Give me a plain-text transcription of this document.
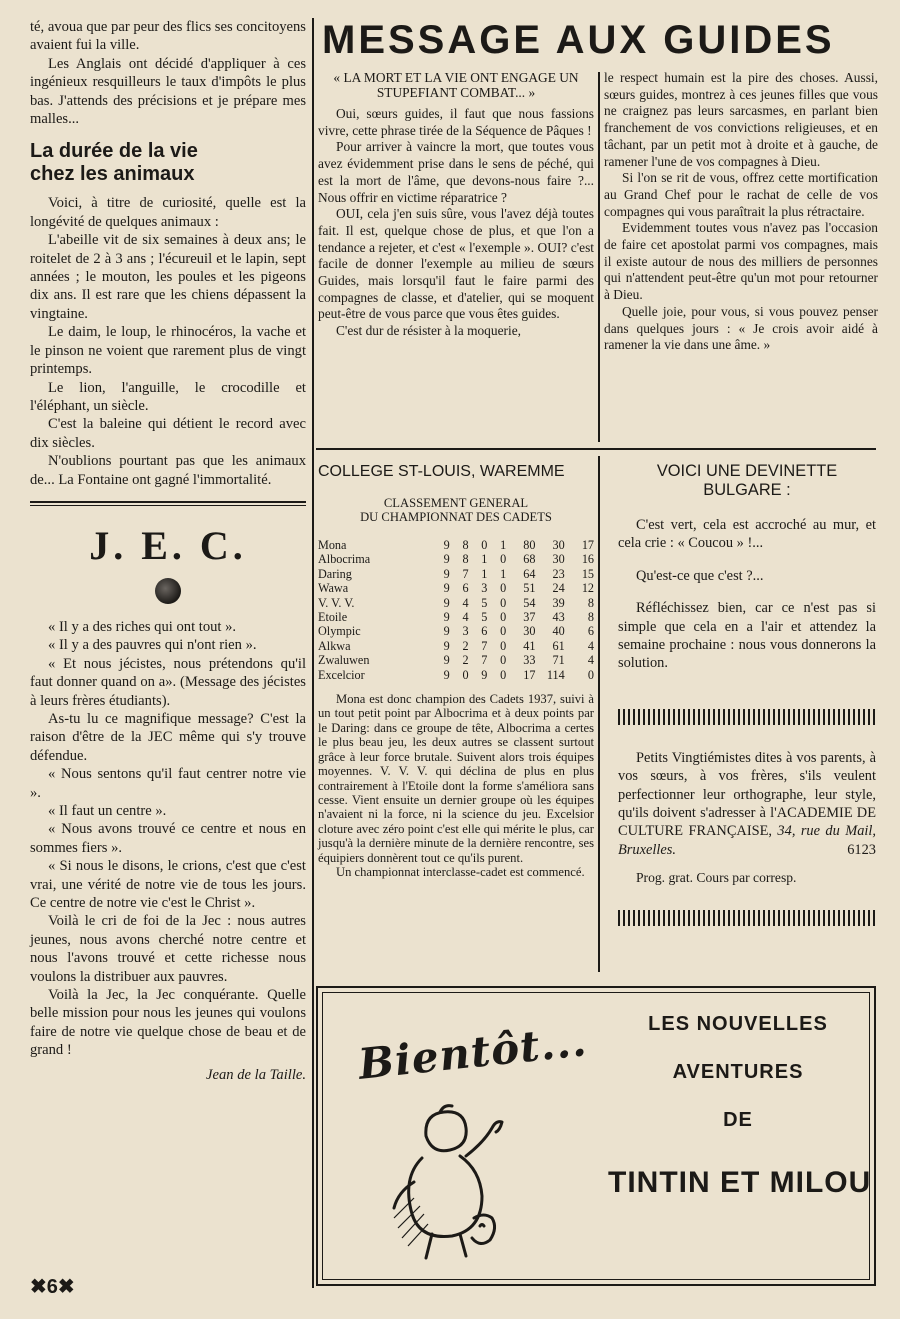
té, avoua que par peur des flics ses concitoyens avaient fui la ville.

Les Anglais ont décidé d'appliquer à ces ingénieux resquilleurs le taux d'impôts le plus bas. J'attends des précisions et je prépare mes malles...

La durée de la vie
chez les animaux

Voici, à titre de curiosité, quelle est la longévité de quelques animaux :

L'abeille vit de six semaines à deux ans; le roitelet de 2 à 3 ans ; l'écureuil et le lapin, sept années ; le mouton, les poules et les pigeons dix ans. Il est rare que les chiens dépassent la vingtaine.

Le daim, le loup, le rhinocéros, la vache et le pinson ne voient que rarement plus de vingt printemps.

Le lion, l'anguille, le crocodille et l'éléphant, un siècle.

C'est la baleine qui détient le record avec dix siècles.

N'oublions pourtant pas que les animaux de... La Fontaine ont gagné l'immortalité.

J. E. C.

« Il y a des riches qui ont tout ».

« Il y a des pauvres qui n'ont rien ».

« Et nous jécistes, nous prétendons qu'il faut donner quand on a». (Message des jécistes à leurs frères étudiants).

As-tu lu ce magnifique message? C'est la raison d'être de la JEC même qui s'y trouve défendue.

« Nous sentons qu'il faut centrer notre vie ».

« Il faut un centre ».

« Nous avons trouvé ce centre et nous en sommes fiers ».

« Si nous le disons, le crions, c'est que c'est vrai, une vérité de notre vie de tous les jours. Ce centre de notre vie c'est le Christ ».

Voilà le cri de foi de la Jec : nous autres jeunes, nous avons cherché notre centre et nous l'avons trouvé et cette richesse nous voulons la distribuer aux pauvres.

Voilà la Jec, la Jec conquérante. Quelle belle mission pour nous les jeunes qui voulons faire de notre vie quelque chose de beau et de grand !

Jean de la Taille.

✖6✖
MESSAGE AUX GUIDES
« LA MORT ET LA VIE ONT ENGAGE UN STUPEFIANT COMBAT... »

Oui, sœurs guides, il faut que nous fassions vivre, cette phrase tirée de la Séquence de Pâques !

Pour arriver à vaincre la mort, que toutes vous avez évidemment prise dans le sens de péché, qui est la mort de l'âme, que devons-nous faire ?... Nous offrir en victime réparatrice ?

OUI, cela j'en suis sûre, vous l'avez déjà toutes fait. Il est, quelque chose de plus, et que l'on a tendance a rejeter, et c'est « l'exemple ». OUI? c'est facile de donner l'exemple au milieu de sœurs Guides, mais lorsqu'il faut le faire parmi des compagnes de classe, et d'atelier, qui se moquent peut-être de vous parce que vous êtes guides.

C'est dur de résister à la moquerie,

le respect humain est la pire des choses. Aussi, sœurs guides, montrez à ces jeunes filles que vous ne craignez pas leurs sarcasmes, en parlant bien franchement de vos convictions religieuses, et en tâchant, par un petit mot à droite et à gauche, de ramener l'une de vos compagnes à Dieu.

Si l'on se rit de vous, offrez cette mortification au Grand Chef pour le rachat de celle de vos compagnes qui vous paraîtrait la plus rétractaire.

Evidemment toutes vous n'avez pas l'occasion de faire cet apostolat parmi vos compagnes, mais il existe autour de nous des milliers de personnes qui n'attendent peut-être qu'un mot pour retourner à Dieu.

Quelle joie, pour vous, si vous pouvez penser dans quelques jours : « Je crois avoir aidé à ramener la vie dans une âme. »

COLLEGE ST-LOUIS, WAREMME
CLASSEMENT GENERAL
DU CHAMPIONNAT DES CADETS
Mona	9	8	0	1	80	30	17
Albocrima	9	8	1	0	68	30	16
Daring	9	7	1	1	64	23	15
Wawa	9	6	3	0	51	24	12
V. V. V.	9	4	5	0	54	39	8
Etoile	9	4	5	0	37	43	8
Olympic	9	3	6	0	30	40	6
Alkwa	9	2	7	0	41	61	4
Zwaluwen	9	2	7	0	33	71	4
Excelcior	9	0	9	0	17	114	0

Mona est donc champion des Cadets 1937, suivi à un tout petit point par Albocrima et à deux points par le Daring: dans ce groupe de tête, Albocrima a certes le plus beau jeu, les deux autres se classent surtout grâce à leur force brutale. Suivent alors trois équipes moyennes. V. V. V. qui déclina de plus en plus contrairement à l'Etoile dont la forme s'améliora sans cesse. Vient ensuite un dernier groupe où les équipes n'avaient ni la force, ni la science du jeu. Excelsior cloture avec zéro point c'est elle qui mérite le plus, car jusqu'à la dernière minute de la dernière rencontre, ses équipiers donnèrent tout ce qu'ils purent.

Un championnat interclasse-cadet est commencé.

VOICI UNE DEVINETTE
BULGARE :

C'est vert, cela est accroché au mur, et cela crie : « Coucou » !...

Qu'est-ce que c'est ?...

Réfléchissez bien, car ce n'est pas si simple que cela en a l'air et attendez la semaine prochaine : nous vous donnerons la solution.

Petits Vingtiémistes dites à vos parents, à vos sœurs, à vos frères, s'ils veulent perfectionner leur orthographe, leur style, qu'ils doivent s'adresser à l'ACADEMIE DE CULTURE FRANÇAISE, 34, rue du Mail, Bruxelles.	6123

Prog. grat. Cours par corresp.

Bientôt...	LES NOUVELLES
AVENTURES
DE
TINTIN ET MILOU
